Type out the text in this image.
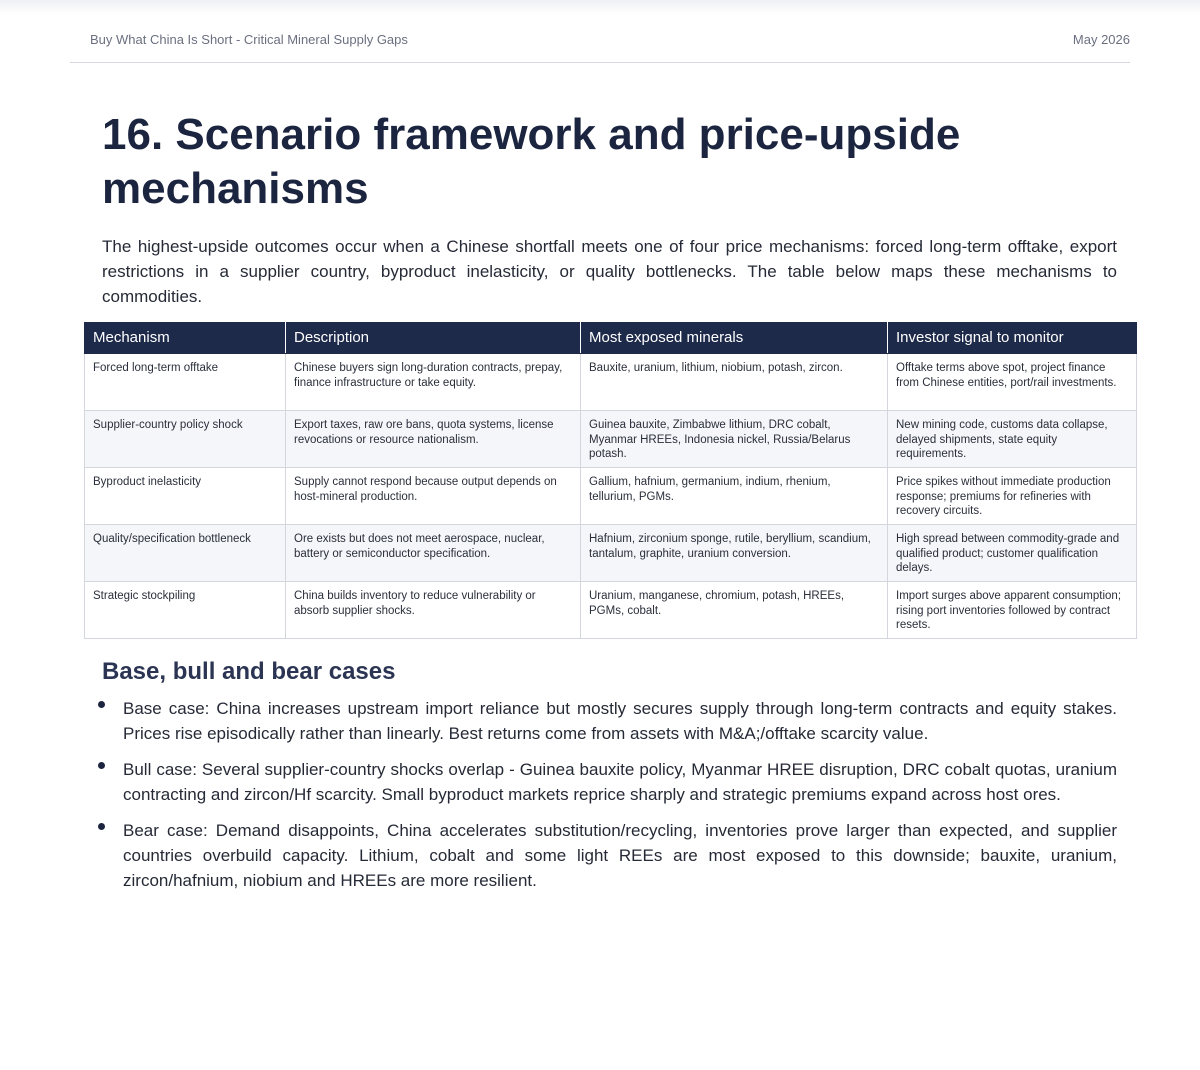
Buy What China Is Short - Critical Mineral Supply Gaps	May 2026
16. Scenario framework and price-upside mechanisms

The highest-upside outcomes occur when a Chinese shortfall meets one of four price mechanisms: forced long-term offtake, export restrictions in a supplier country, byproduct inelasticity, or quality bottlenecks. The table below maps these mechanisms to commodities.

Mechanism	Description	Most exposed minerals	Investor signal to monitor
Forced long-term offtake	Chinese buyers sign long-duration contracts, prepay, finance infrastructure or take equity.	Bauxite, uranium, lithium, niobium, potash, zircon.	Offtake terms above spot, project finance from Chinese entities, port/rail investments.
Supplier-country policy shock	Export taxes, raw ore bans, quota systems, license revocations or resource nationalism.	Guinea bauxite, Zimbabwe lithium, DRC cobalt, Myanmar HREEs, Indonesia nickel, Russia/Belarus potash.	New mining code, customs data collapse, delayed shipments, state equity requirements.
Byproduct inelasticity	Supply cannot respond because output depends on host-mineral production.	Gallium, hafnium, germanium, indium, rhenium, tellurium, PGMs.	Price spikes without immediate production response; premiums for refineries with recovery circuits.
Quality/specification bottleneck	Ore exists but does not meet aerospace, nuclear, battery or semiconductor specification.	Hafnium, zirconium sponge, rutile, beryllium, scandium, tantalum, graphite, uranium conversion.	High spread between commodity-grade and qualified product; customer qualification delays.
Strategic stockpiling	China builds inventory to reduce vulnerability or absorb supplier shocks.	Uranium, manganese, chromium, potash, HREEs, PGMs, cobalt.	Import surges above apparent consumption; rising port inventories followed by contract resets.
Base, bull and bear cases
Base case: China increases upstream import reliance but mostly secures supply through long-term contracts and equity stakes. Prices rise episodically rather than linearly. Best returns come from assets with M&A;/offtake scarcity value.
Bull case: Several supplier-country shocks overlap - Guinea bauxite policy, Myanmar HREE disruption, DRC cobalt quotas, uranium contracting and zircon/Hf scarcity. Small byproduct markets reprice sharply and strategic premiums expand across host ores.
Bear case: Demand disappoints, China accelerates substitution/recycling, inventories prove larger than expected, and supplier countries overbuild capacity. Lithium, cobalt and some light REEs are most exposed to this downside; bauxite, uranium, zircon/hafnium, niobium and HREEs are more resilient.
